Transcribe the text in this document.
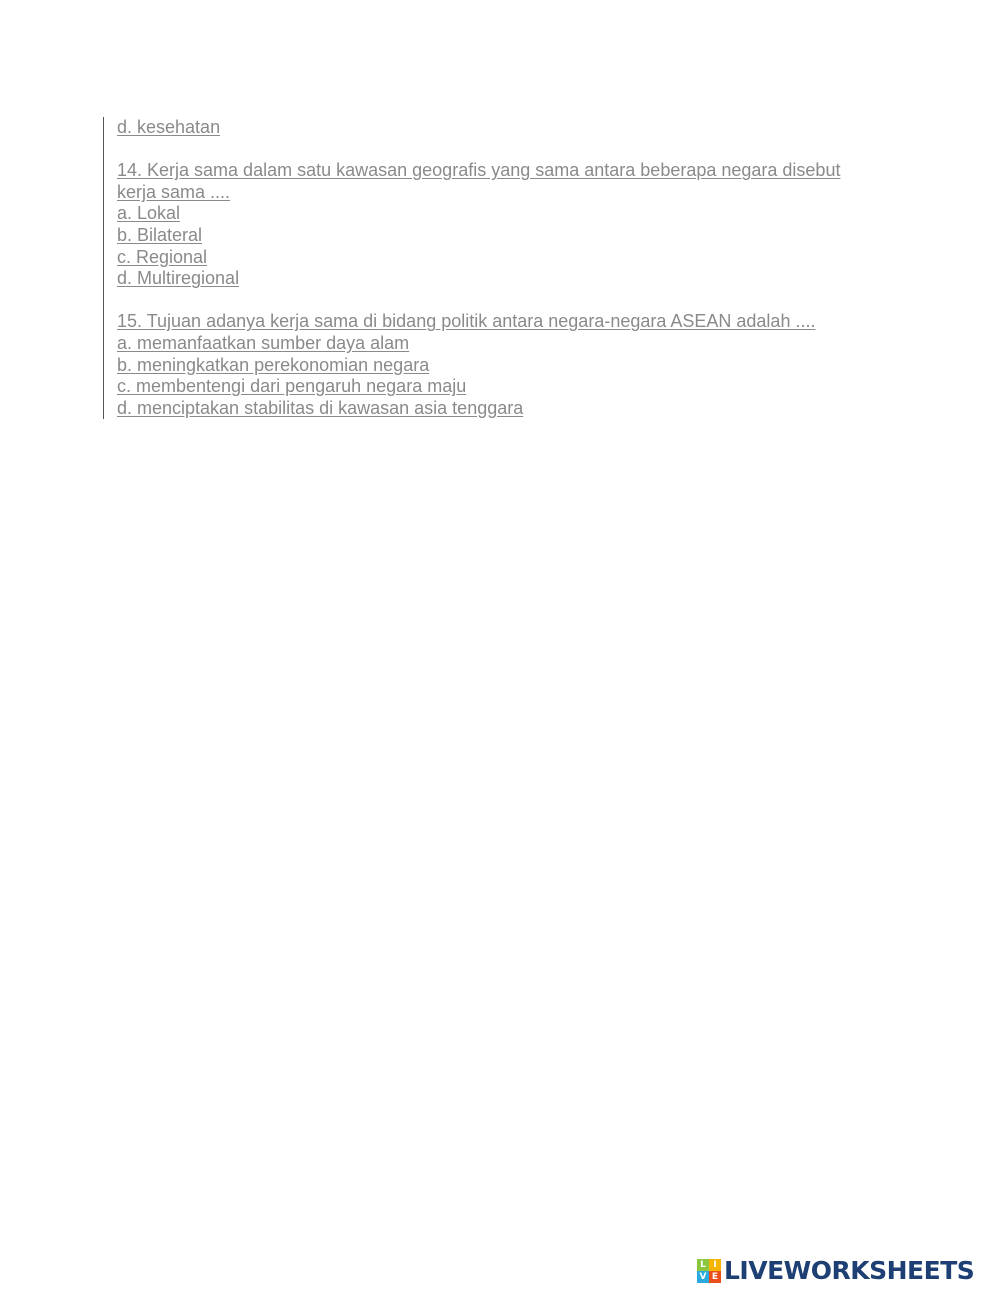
d. kesehatan
14. Kerja sama dalam satu kawasan geografis yang sama antara beberapa negara disebut
kerja sama ....
a. Lokal
b. Bilateral
c. Regional
d. Multiregional
15. Tujuan adanya kerja sama di bidang politik antara negara-negara ASEAN adalah ....
a. memanfaatkan sumber daya alam
b. meningkatkan perekonomian negara
c. membentengi dari pengaruh negara maju
d. menciptakan stabilitas di kawasan asia tenggara
L I
V E LIVEWORKSHEETS
